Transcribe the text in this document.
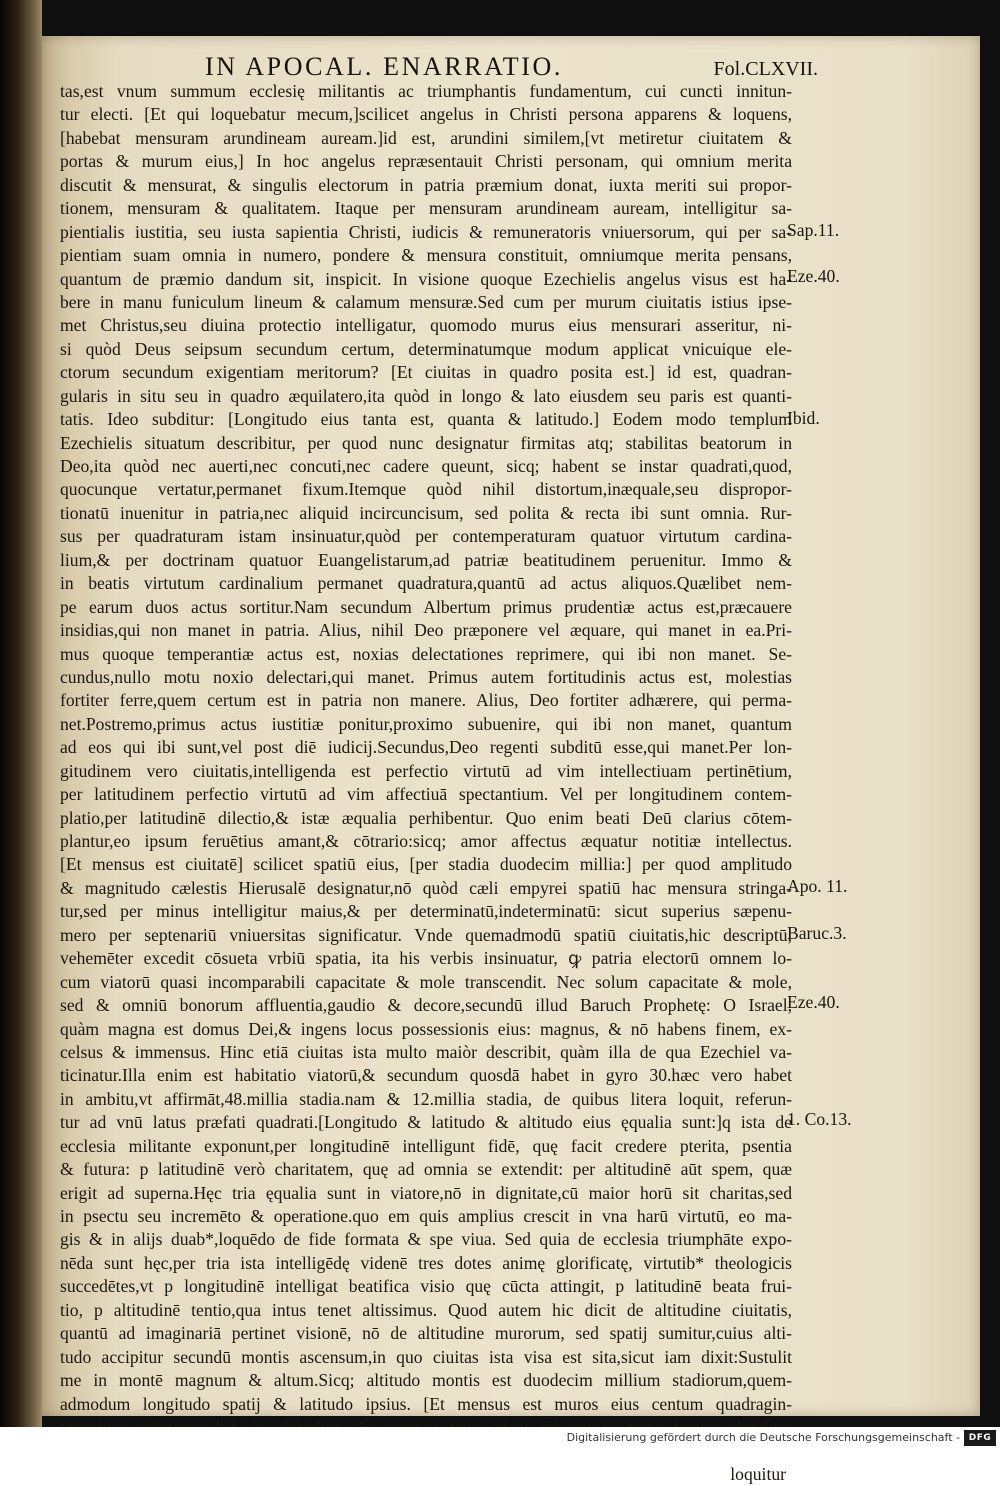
IN APOCAL. ENARRATIO.	Fol.CLXVII.
tas,est vnum summum ecclesię militantis ac triumphantis fundamentum, cui cuncti innitun-
tur electi. [Et qui loquebatur mecum,]scilicet angelus in Christi persona apparens & loquens,
[habebat mensuram arundineam auream.]id est, arundini similem,[vt metiretur ciuitatem &
portas & murum eius,] In hoc angelus repræsentauit Christi personam, qui omnium merita
discutit & mensurat, & singulis electorum in patria præmium donat, iuxta meriti sui propor-
tionem, mensuram & qualitatem. Itaque per mensuram arundineam auream, intelligitur sa-
pientialis iustitia, seu iusta sapientia Christi, iudicis & remuneratoris vniuersorum, qui per sa-
pientiam suam omnia in numero, pondere & mensura constituit, omniumque merita pensans,
quantum de præmio dandum sit, inspicit. In visione quoque Ezechielis angelus visus est ha-
bere in manu funiculum lineum & calamum mensuræ.Sed cum per murum ciuitatis istius ipse-
met Christus,seu diuina protectio intelligatur, quomodo murus eius mensurari asseritur, ni-
si quòd Deus seipsum secundum certum, determinatumque modum applicat vnicuique ele-
ctorum secundum exigentiam meritorum? [Et ciuitas in quadro posita est.] id est, quadran-
gularis in situ seu in quadro æquilatero,ita quòd in longo & lato eiusdem seu paris est quanti-
tatis. Ideo subditur: [Longitudo eius tanta est, quanta & latitudo.] Eodem modo templum
Ezechielis situatum describitur, per quod nunc designatur firmitas atq; stabilitas beatorum in
Deo,ita quòd nec auerti,nec concuti,nec cadere queunt, sicq; habent se instar quadrati,quod,
quocunque vertatur,permanet fixum.Itemque quòd nihil distortum,inæquale,seu dispropor-
tionatū inuenitur in patria,nec aliquid incircuncisum, sed polita & recta ibi sunt omnia. Rur-
sus per quadraturam istam insinuatur,quòd per contemperaturam quatuor virtutum cardina-
lium,& per doctrinam quatuor Euangelistarum,ad patriæ beatitudinem peruenitur. Immo &
in beatis virtutum cardinalium permanet quadratura,quantū ad actus aliquos.Quælibet nem-
pe earum duos actus sortitur.Nam secundum Albertum primus prudentiæ actus est,præcauere
insidias,qui non manet in patria. Alius, nihil Deo præponere vel æquare, qui manet in ea.Pri-
mus quoque temperantiæ actus est, noxias delectationes reprimere, qui ibi non manet. Se-
cundus,nullo motu noxio delectari,qui manet. Primus autem fortitudinis actus est, molestias
fortiter ferre,quem certum est in patria non manere. Alius, Deo fortiter adhærere, qui perma-
net.Postremo,primus actus iustitiæ ponitur,proximo subuenire, qui ibi non manet, quantum
ad eos qui ibi sunt,vel post diē iudicij.Secundus,Deo regenti subditū esse,qui manet.Per lon-
gitudinem vero ciuitatis,intelligenda est perfectio virtutū ad vim intellectiuam pertinētium,
per latitudinem perfectio virtutū ad vim affectiuā spectantium. Vel per longitudinem contem-
platio,per latitudinē dilectio,& istæ æqualia perhibentur. Quo enim beati Deū clarius cōtem-
plantur,eo ipsum feruētius amant,& cōtrario:sicq; amor affectus æquatur notitiæ intellectus.
[Et mensus est ciuitatē] scilicet spatiū eius, [per stadia duodecim millia:] per quod amplitudo
& magnitudo cælestis Hierusalē designatur,nō quòd cæli empyrei spatiū hac mensura stringa-
tur,sed per minus intelligitur maius,& per determinatū,indeterminatū: sicut superius sæpenu-
mero per septenariū vniuersitas significatur. Vnde quemadmodū spatiū ciuitatis,hic descriptū,
vehemēter excedit cōsueta vrbiū spatia, ita his verbis insinuatur, ꝙ patria electorū omnem lo-
cum viatorū quasi incomparabili capacitate & mole transcendit. Nec solum capacitate & mole,
sed & omniū bonorum affluentia,gaudio & decore,secundū illud Baruch Prophetę: O Israel,
quàm magna est domus Dei,& ingens locus possessionis eius: magnus, & nō habens finem, ex-
celsus & immensus. Hinc etiā ciuitas ista multo maiòr describit, quàm illa de qua Ezechiel va-
ticinatur.Illa enim est habitatio viatorū,& secundum quosdā habet in gyro 30.hæc vero habet
in ambitu,vt affirmāt,48.millia stadia.nam & 12.millia stadia, de quibus litera loquit, referun-
tur ad vnū latus præfati quadrati.[Longitudo & latitudo & altitudo eius ęqualia sunt:]q ista de
ecclesia militante exponunt,per longitudinē intelligunt fidē, quę facit credere pterita, psentia
& futura: p latitudinē verò charitatem, quę ad omnia se extendit: per altitudinē aūt spem, quæ
erigit ad superna.Hęc tria ęqualia sunt in viatore,nō in dignitate,cū maior horū sit charitas,sed
in psectu seu incremēto & operatione.quo em quis amplius crescit in vna harū virtutū, eo ma-
gis & in alijs duab*,loquēdo de fide formata & spe viua. Sed quia de ecclesia triumphāte expo-
nēda sunt hęc,per tria ista intelligēdę videnē tres dotes animę glorificatę, virtutib* theologicis
succedētes,vt p longitudinē intelligat beatifica visio quę cūcta attingit, p latitudinē beata frui-
tio, p altitudinē tentio,qua intus tenet altissimus. Quod autem hic dicit de altitudine ciuitatis,
quantū ad imaginariā pertinet visionē, nō de altitudine murorum, sed spatij sumitur,cuius alti-
tudo accipitur secundū montis ascensum,in quo ciuitas ista visa est sita,sicut iam dixit:Sustulit
me in montē magnum & altum.Sicq; altitudo montis est duodecim millium stadiorum,quem-
admodum longitudo spatij & latitudo ipsius. [Et mensus est muros eius centum quadragin-
loquitur
Sap.11.
Eze.40.
Ibid.
Apo. 11.
Baruc.3.
Eze.40.
1. Co.13.
Digitalisierung gefördert durch die Deutsche Forschungsgemeinschaft - DFG
